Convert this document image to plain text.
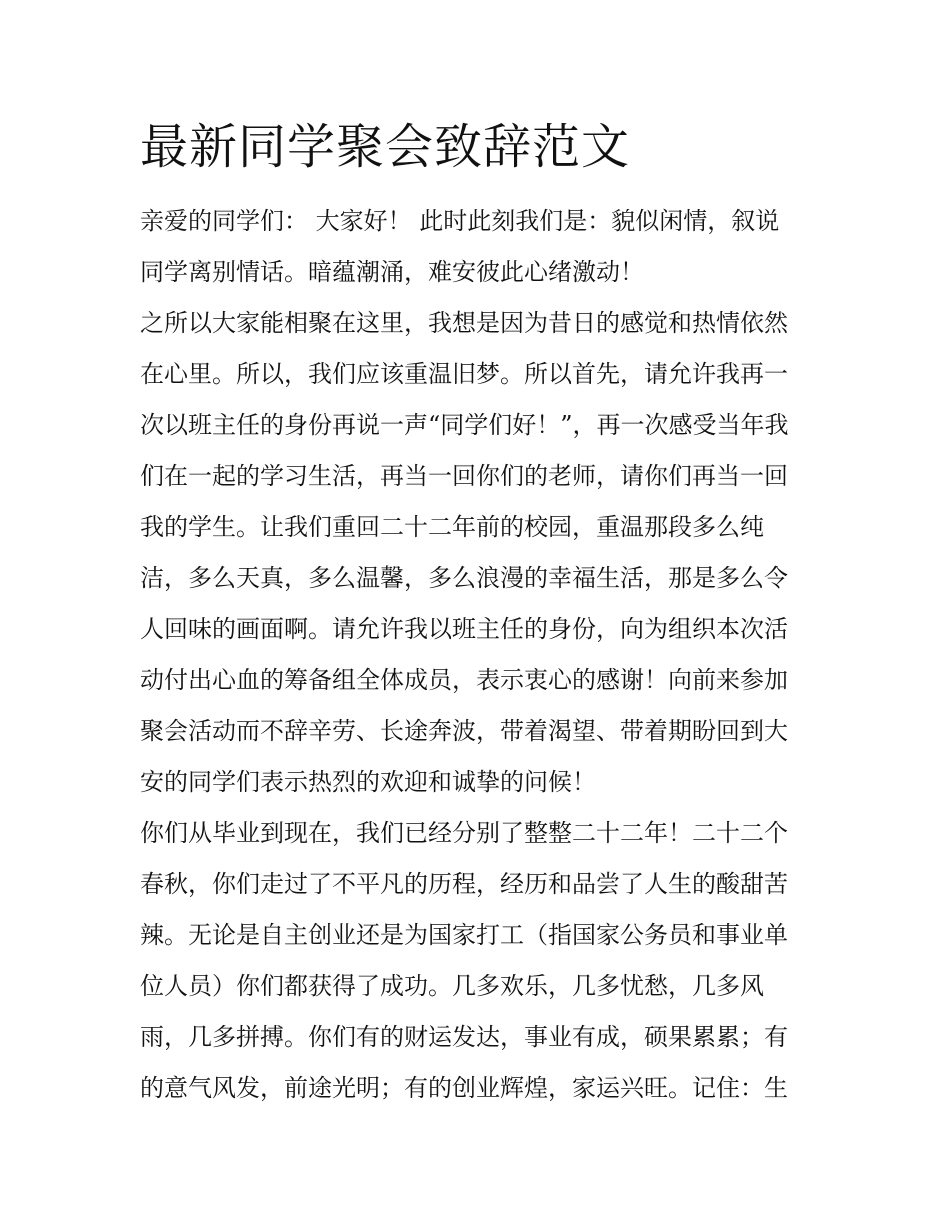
最新同学聚会致辞范文

亲爱的同学们： 大家好！ 此时此刻我们是：貌似闲情，叙说
同学离别情话。暗蕴潮涌，难安彼此心绪激动！

之所以大家能相聚在这里，我想是因为昔日的感觉和热情依然
在心里。所以，我们应该重温旧梦。所以首先，请允许我再一
次以班主任的身份再说一声“同学们好！”，再一次感受当年我
们在一起的学习生活，再当一回你们的老师，请你们再当一回
我的学生。让我们重回二十二年前的校园，重温那段多么纯
洁，多么天真，多么温馨，多么浪漫的幸福生活，那是多么令
人回味的画面啊。请允许我以班主任的身份，向为组织本次活
动付出心血的筹备组全体成员，表示衷心的感谢！向前来参加
聚会活动而不辞辛劳、长途奔波，带着渴望、带着期盼回到大
安的同学们表示热烈的欢迎和诚挚的问候！

你们从毕业到现在，我们已经分别了整整二十二年！二十二个
春秋，你们走过了不平凡的历程，经历和品尝了人生的酸甜苦
辣。无论是自主创业还是为国家打工（指国家公务员和事业单
位人员）你们都获得了成功。几多欢乐，几多忧愁，几多风
雨，几多拼搏。你们有的财运发达，事业有成，硕果累累；有
的意气风发，前途光明；有的创业辉煌，家运兴旺。记住：生
